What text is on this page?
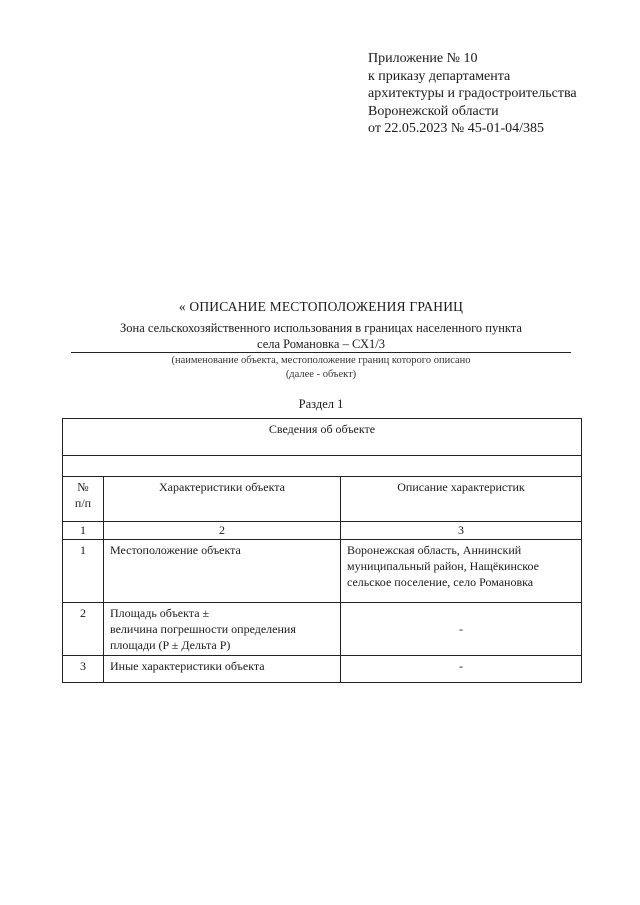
Приложение № 10
к приказу департамента
архитектуры и градостроительства
Воронежской области
от 22.05.2023 № 45-01-04/385
« ОПИСАНИЕ МЕСТОПОЛОЖЕНИЯ ГРАНИЦ
Зона сельскохозяйственного использования в границах населенного пункта
села Романовка – СХ1/3
(наименование объекта, местоположение границ которого описано
(далее - объект)
Раздел 1
Сведения об объекте		

№
п/п	Характеристики объекта	Описание характеристик
1	2	3
1	Местоположение объекта	Воронежская область, Аннинский
муниципальный район, Нащёкинское
сельское поселение, село Романовка

2	Площадь объекта ±
величина погрешности определения
площади (P ± Дельта P)	-

3	Иные характеристики объекта	-
